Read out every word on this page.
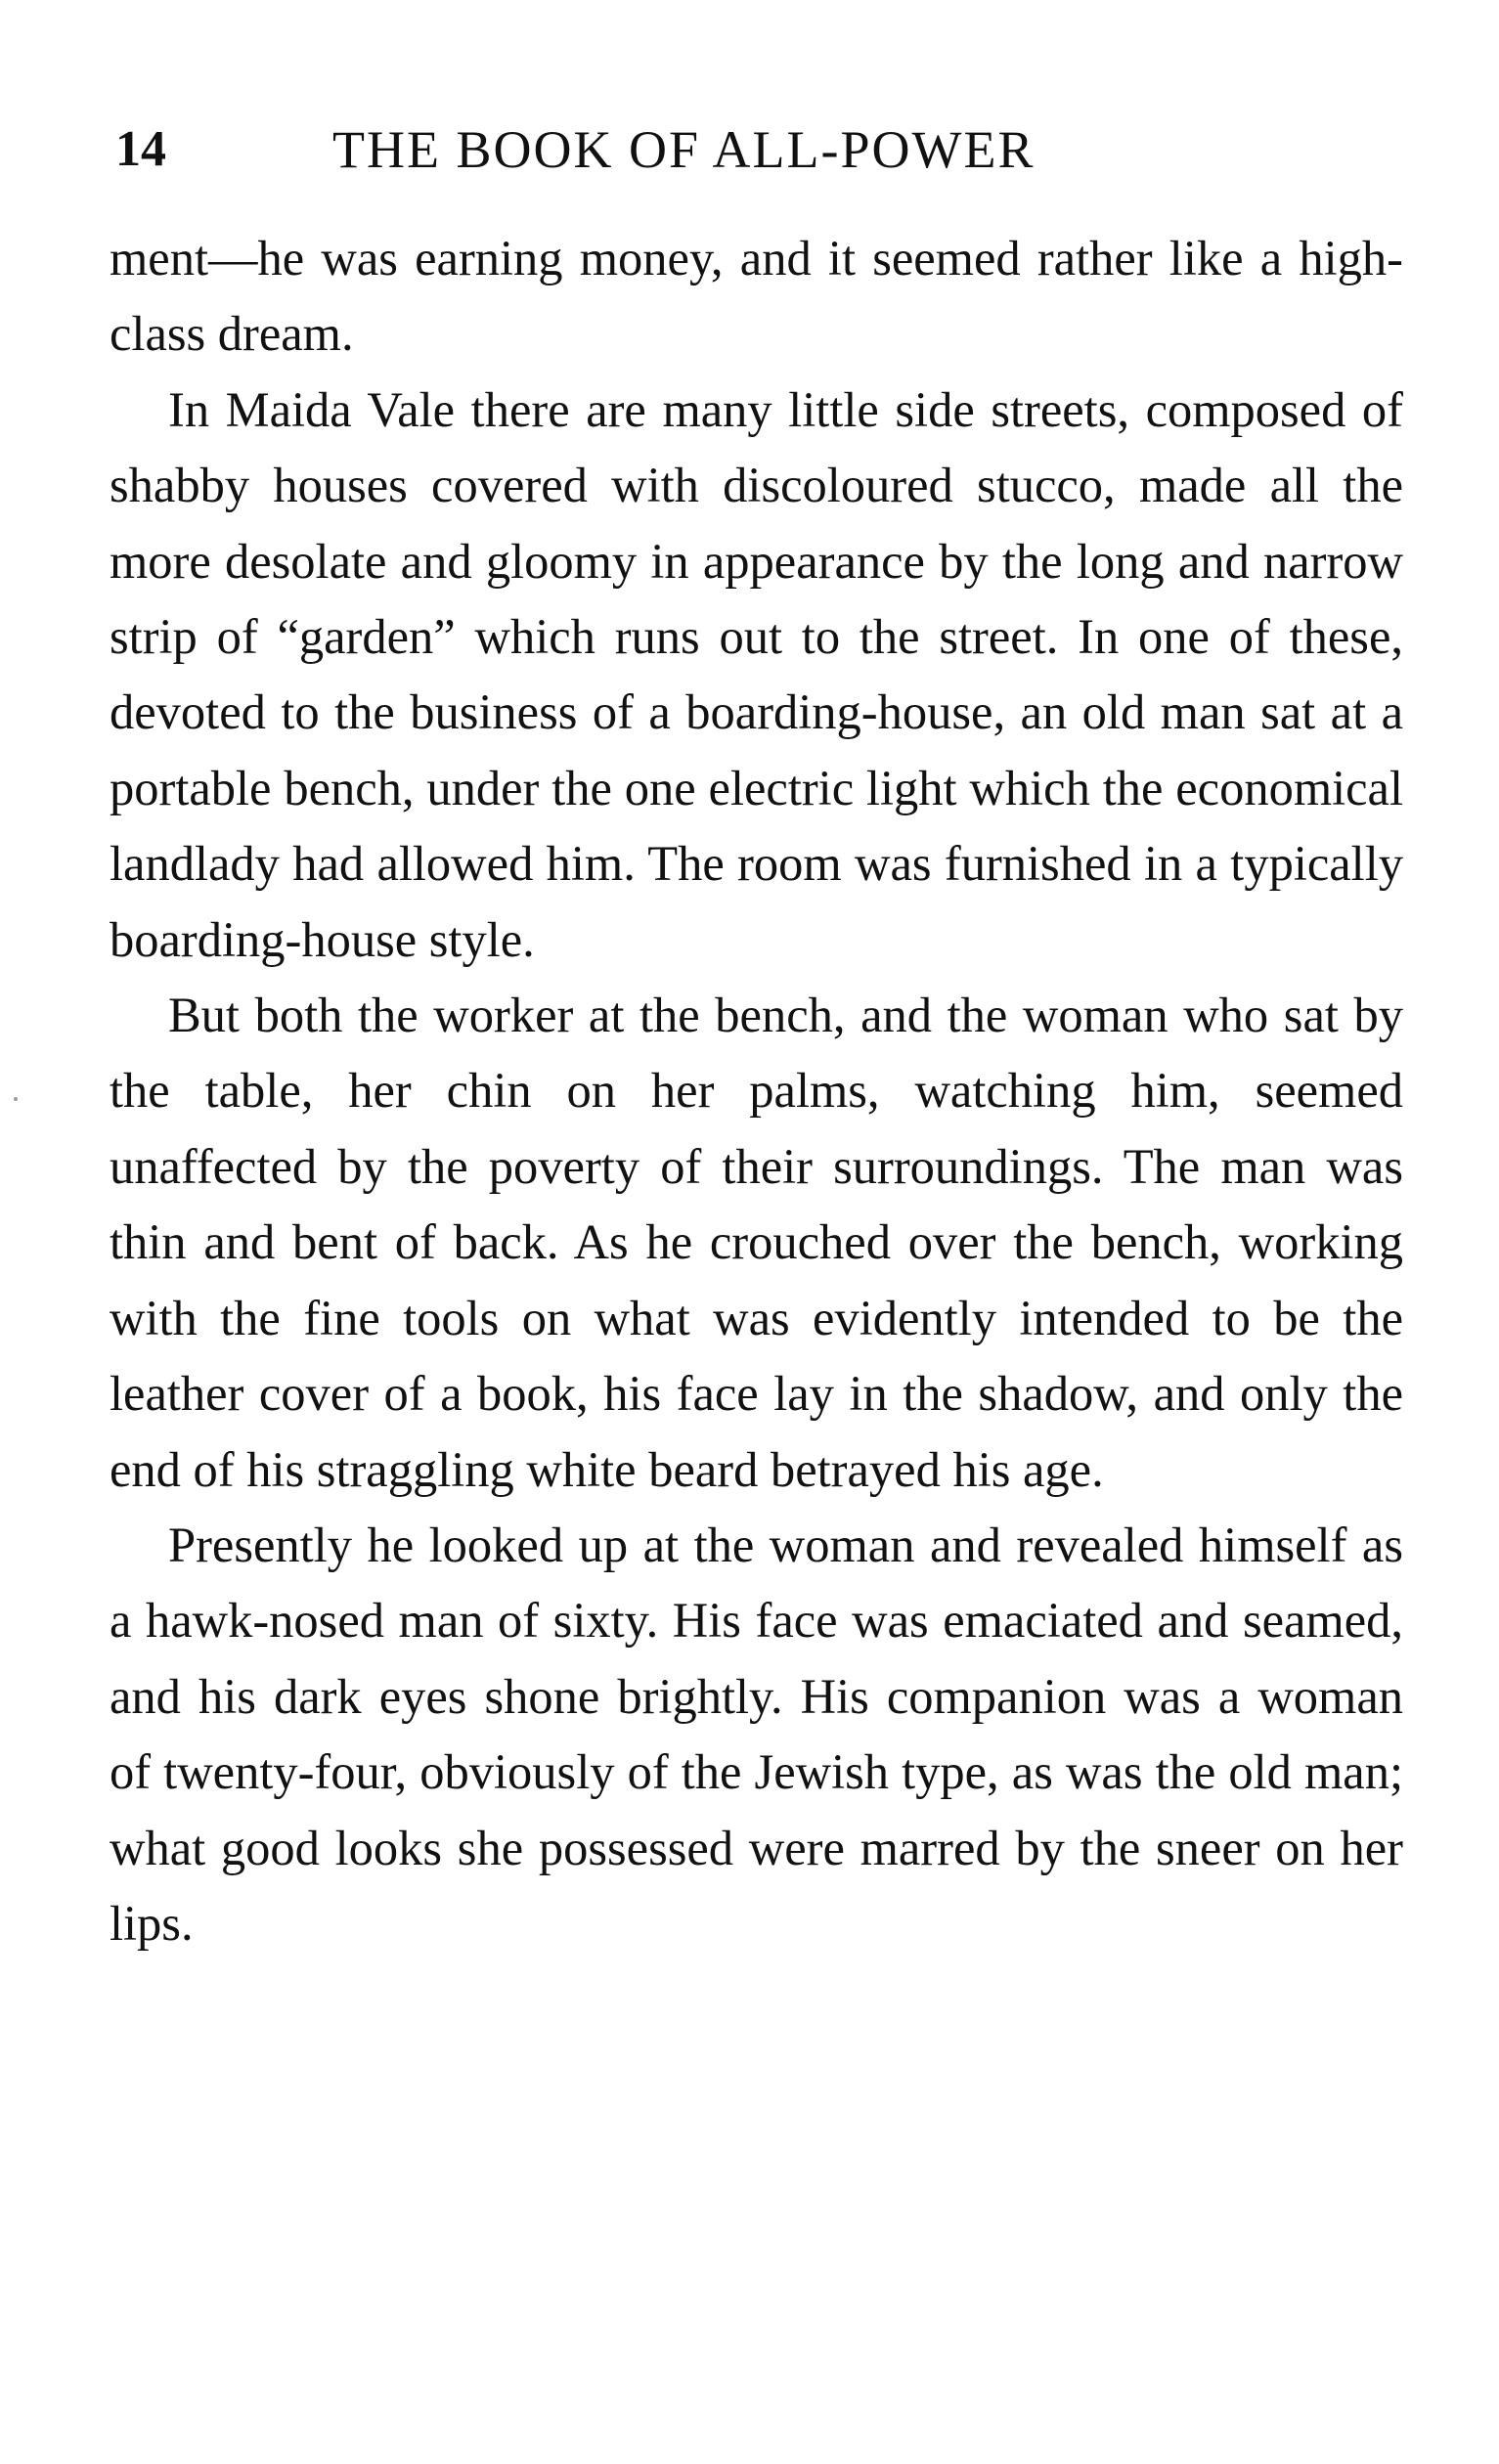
14	THE BOOK OF ALL-POWER

ment—he was earning money, and it seemed rather like a high-class dream.

In Maida Vale there are many little side streets, composed of shabby houses covered with discoloured stucco, made all the more desolate and gloomy in appearance by the long and narrow strip of “garden” which runs out to the street. In one of these, devoted to the business of a boarding-house, an old man sat at a portable bench, under the one electric light which the economical landlady had allowed him. The room was furnished in a typically boarding-house style.

But both the worker at the bench, and the woman who sat by the table, her chin on her palms, watching him, seemed unaffected by the poverty of their surroundings. The man was thin and bent of back. As he crouched over the bench, working with the fine tools on what was evidently intended to be the leather cover of a book, his face lay in the shadow, and only the end of his straggling white beard betrayed his age.

Presently he looked up at the woman and revealed himself as a hawk-nosed man of sixty. His face was emaciated and seamed, and his dark eyes shone brightly. His companion was a woman of twenty-four, obviously of the Jewish type, as was the old man; what good looks she possessed were marred by the sneer on her lips.
